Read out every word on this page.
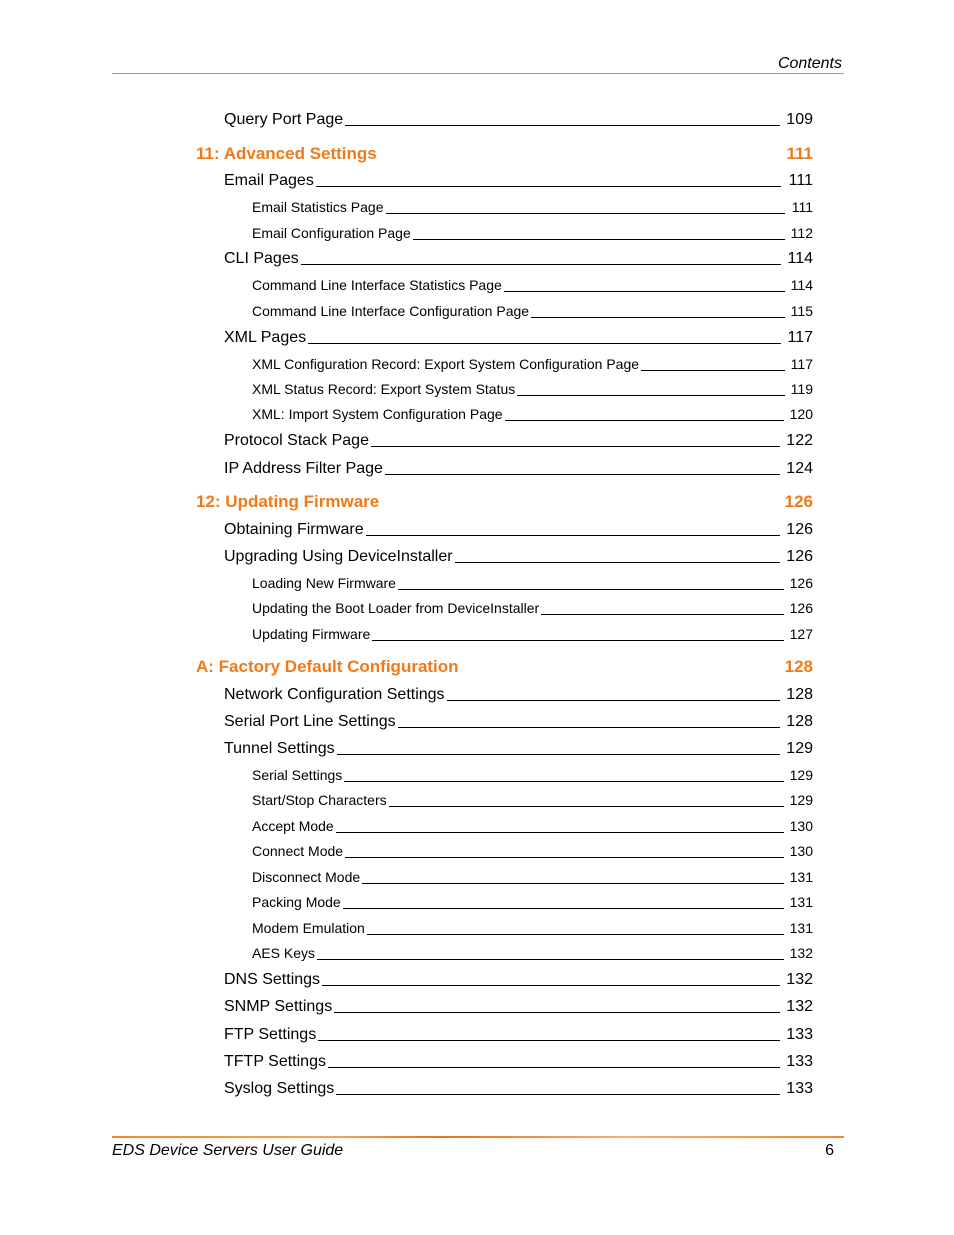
Contents
Query Port Page	109
11: Advanced Settings	111
Email Pages	111
Email Statistics Page	111
Email Configuration Page	112
CLI Pages	114
Command Line Interface Statistics Page	114
Command Line Interface Configuration Page	115
XML Pages	117
XML Configuration Record: Export System Configuration Page	117
XML Status Record: Export System Status	119
XML: Import System Configuration Page	120
Protocol Stack Page	122
IP Address Filter Page	124
12: Updating Firmware	126
Obtaining Firmware	126
Upgrading Using DeviceInstaller	126
Loading New Firmware	126
Updating the Boot Loader from DeviceInstaller	126
Updating Firmware	127
A: Factory Default Configuration	128
Network Configuration Settings	128
Serial Port Line Settings	128
Tunnel Settings	129
Serial Settings	129
Start/Stop Characters	129
Accept Mode	130
Connect Mode	130
Disconnect Mode	131
Packing Mode	131
Modem Emulation	131
AES Keys	132
DNS Settings	132
SNMP Settings	132
FTP Settings	133
TFTP Settings	133
Syslog Settings	133
EDS Device Servers User Guide	6
